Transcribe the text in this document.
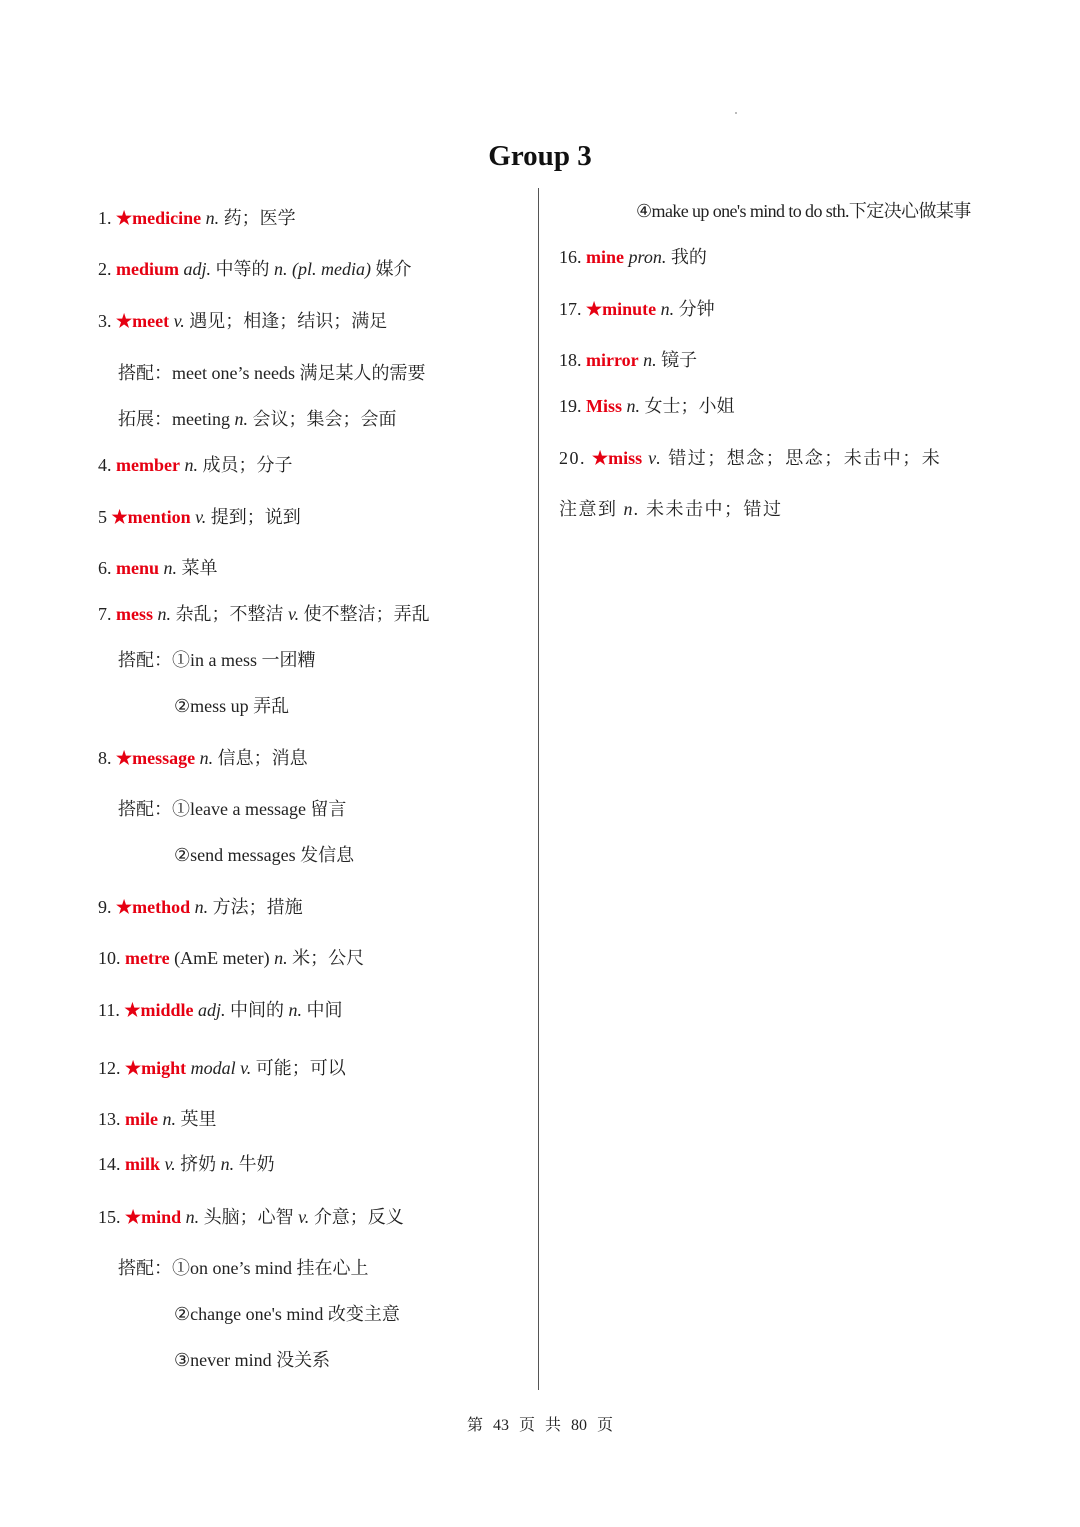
Group 3
1. ★medicine n. 药；医学
2. medium adj. 中等的 n. (pl. media) 媒介
3. ★meet v. 遇见；相逢；结识；满足
搭配：meet one’s needs 满足某人的需要
拓展：meeting n. 会议；集会；会面
4. member n. 成员；分子
5 ★mention v. 提到；说到
6. menu n. 菜单
7. mess n. 杂乱；不整洁 v. 使不整洁；弄乱
搭配：①in a mess 一团糟
②mess up 弄乱
8. ★message n. 信息；消息
搭配：①leave a message 留言
②send messages 发信息
9. ★method n. 方法；措施
10. metre (AmE meter) n. 米；公尺
11. ★middle adj. 中间的 n. 中间
12. ★might modal v. 可能；可以
13. mile n. 英里
14. milk v. 挤奶 n. 牛奶
15. ★mind n. 头脑；心智 v. 介意；反义
搭配：①on one’s mind 挂在心上
②change one's mind 改变主意
③never mind 没关系
④make up one's mind to do sth.下定决心做某事
16. mine pron. 我的
17. ★minute n. 分钟
18. mirror n. 镜子
19. Miss n. 女士；小姐
20. ★miss v. 错过；想念；思念；未击中；未
注意到 n. 未未击中；错过
第 43 页 共 80 页
